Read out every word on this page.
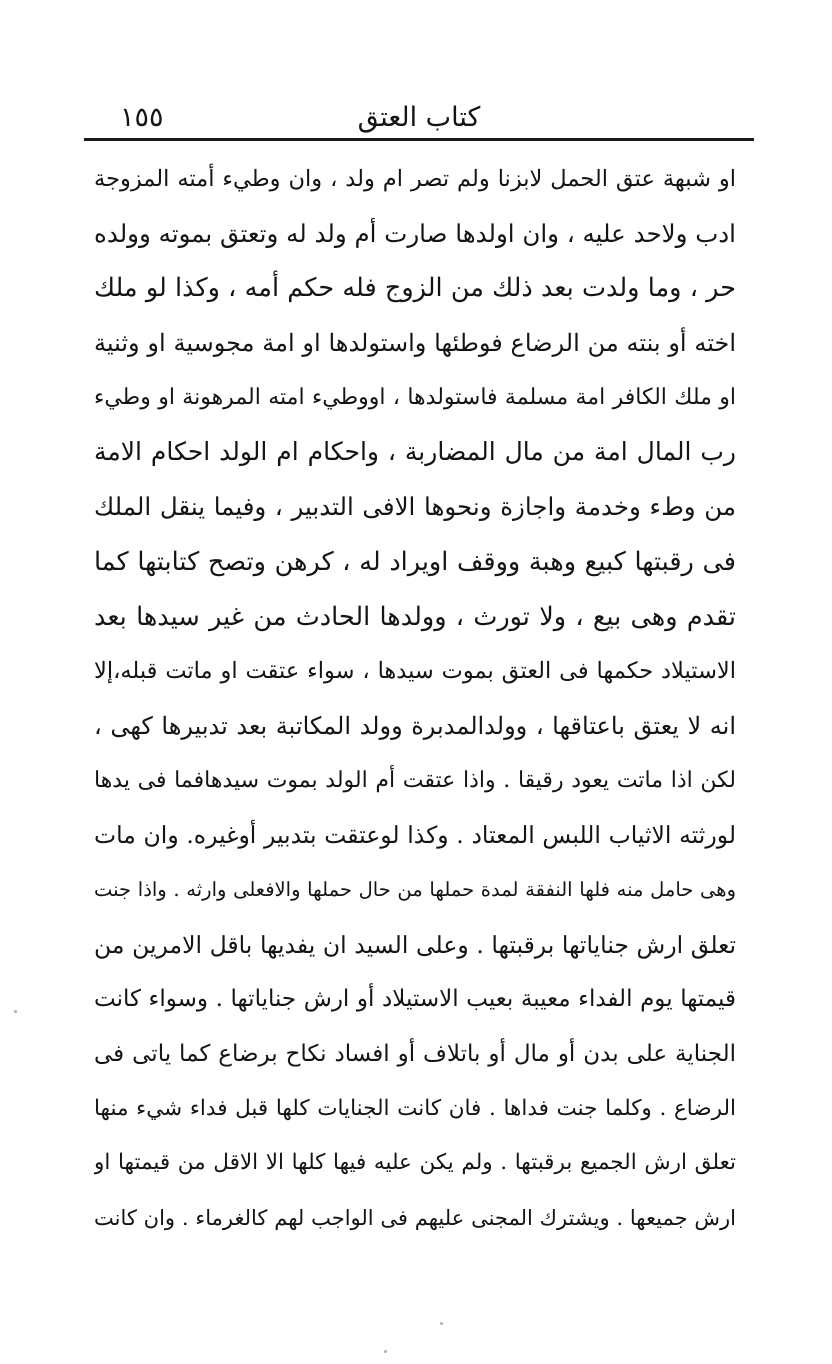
١٥٥	كتاب العتق
او شبهة عتق الحمل لابزنا ولم تصر ام ولد ، وان وطيء أمته المزوجة
ادب ولاحد عليه ، وان اولدها صارت أم ولد له وتعتق بموته وولده
حر ، وما ولدت بعد ذلك من الزوج فله حكم أمه ، وكذا لو ملك
اخته أو بنته من الرضاع فوطئها واستولدها او امة مجوسية او وثنية
او ملك الكافر امة مسلمة فاستولدها ، اووطيء امته المرهونة او وطيء
رب المال امة من مال المضاربة ، واحكام ام الولد احكام الامة
من وطء وخدمة واجازة ونحوها الافى التدبير ، وفيما ينقل الملك
فى رقبتها كبيع وهبة ووقف اويراد له ، كرهن وتصح كتابتها كما
تقدم وهى بيع ، ولا تورث ، وولدها الحادث من غير سيدها بعد
الاستيلاد حكمها فى العتق بموت سيدها ، سواء عتقت او ماتت قبله،إلا
انه لا يعتق باعتاقها ، وولدالمدبرة وولد المكاتبة بعد تدبيرها كهى ،
لكن اذا ماتت يعود رقيقا . واذا عتقت أم الولد بموت سيدهافما فى يدها
لورثته الاثياب اللبس المعتاد . وكذا لوعتقت بتدبير أوغيره. وان مات
وهى حامل منه فلها النفقة لمدة حملها من حال حملها والافعلى وارثه . واذا جنت
تعلق ارش جناياتها برقبتها . وعلى السيد ان يفديها باقل الامرين من
قيمتها يوم الفداء معيبة بعيب الاستيلاد أو ارش جناياتها . وسواء كانت
الجناية على بدن أو مال أو باتلاف أو افساد نكاح برضاع كما ياتى فى
الرضاع . وكلما جنت فداها . فان كانت الجنايات كلها قبل فداء شيء منها
تعلق ارش الجميع برقبتها . ولم يكن عليه فيها كلها الا الاقل من قيمتها او
ارش جميعها . ويشترك المجنى عليهم فى الواجب لهم كالغرماء . وان كانت
